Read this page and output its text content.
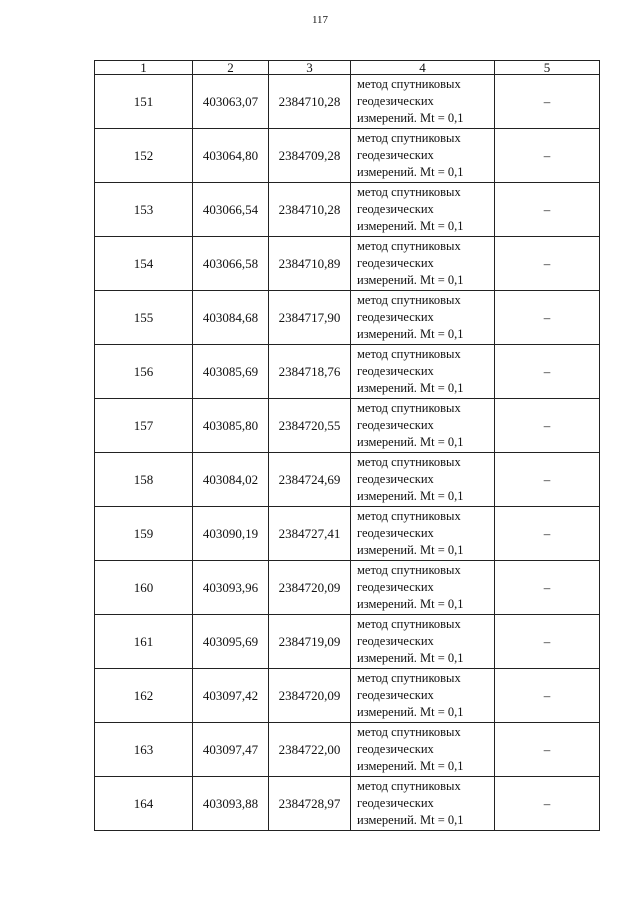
117
1	2	3	4	5
151	403063,07	2384710,28	метод спутниковых
геодезических
измерений. Mt = 0,1	–
152	403064,80	2384709,28	метод спутниковых
геодезических
измерений. Mt = 0,1	–
153	403066,54	2384710,28	метод спутниковых
геодезических
измерений. Mt = 0,1	–
154	403066,58	2384710,89	метод спутниковых
геодезических
измерений. Mt = 0,1	–
155	403084,68	2384717,90	метод спутниковых
геодезических
измерений. Mt = 0,1	–
156	403085,69	2384718,76	метод спутниковых
геодезических
измерений. Mt = 0,1	–
157	403085,80	2384720,55	метод спутниковых
геодезических
измерений. Mt = 0,1	–
158	403084,02	2384724,69	метод спутниковых
геодезических
измерений. Mt = 0,1	–
159	403090,19	2384727,41	метод спутниковых
геодезических
измерений. Mt = 0,1	–
160	403093,96	2384720,09	метод спутниковых
геодезических
измерений. Mt = 0,1	–
161	403095,69	2384719,09	метод спутниковых
геодезических
измерений. Mt = 0,1	–
162	403097,42	2384720,09	метод спутниковых
геодезических
измерений. Mt = 0,1	–
163	403097,47	2384722,00	метод спутниковых
геодезических
измерений. Mt = 0,1	–
164	403093,88	2384728,97	метод спутниковых
геодезических
измерений. Mt = 0,1	–
